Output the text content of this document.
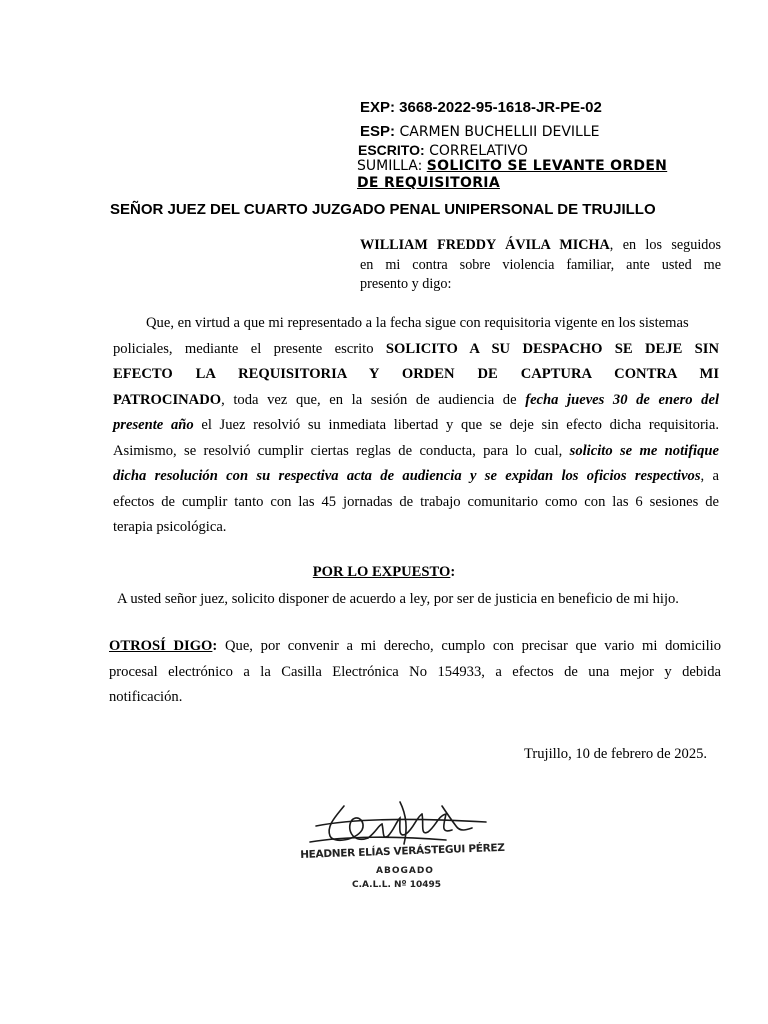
EXP: 3668-2022-95-1618-JR-PE-02
ESP: CARMEN BUCHELLII DEVILLE
ESCRITO: CORRELATIVO
SUMILLA: SOLICITO SE LEVANTE ORDEN
DE REQUISITORIA
SEÑOR JUEZ DEL CUARTO JUZGADO PENAL UNIPERSONAL DE TRUJILLO
WILLIAM FREDDY ÁVILA MICHA, en los seguidos
en mi contra sobre violencia familiar, ante usted me
presento y digo:
Que, en virtud a que mi representado a la fecha sigue con requisitoria vigente en los sistemas
policiales, mediante el presente escrito SOLICITO A SU DESPACHO SE DEJE SIN
EFECTO LA REQUISITORIA Y ORDEN DE CAPTURA CONTRA MI
PATROCINADO, toda vez que, en la sesión de audiencia de fecha jueves 30 de enero del
presente año el Juez resolvió su inmediata libertad y que se deje sin efecto dicha requisitoria.
Asimismo, se resolvió cumplir ciertas reglas de conducta, para lo cual, solicito se me notifique
dicha resolución con su respectiva acta de audiencia y se expidan los oficios respectivos, a
efectos de cumplir tanto con las 45 jornadas de trabajo comunitario como con las 6 sesiones de
terapia psicológica.
POR LO EXPUESTO:
A usted señor juez, solicito disponer de acuerdo a ley, por ser de justicia en beneficio de mi hijo.
OTROSÍ DIGO: Que, por convenir a mi derecho, cumplo con precisar que vario mi domicilio
procesal electrónico a la Casilla Electrónica No 154933, a efectos de una mejor y debida
notificación.
Trujillo, 10 de febrero de 2025.
HEADNER ELÍAS VERÁSTEGUI PÉREZ
ABOGADO
C.A.L.L. Nº 10495
